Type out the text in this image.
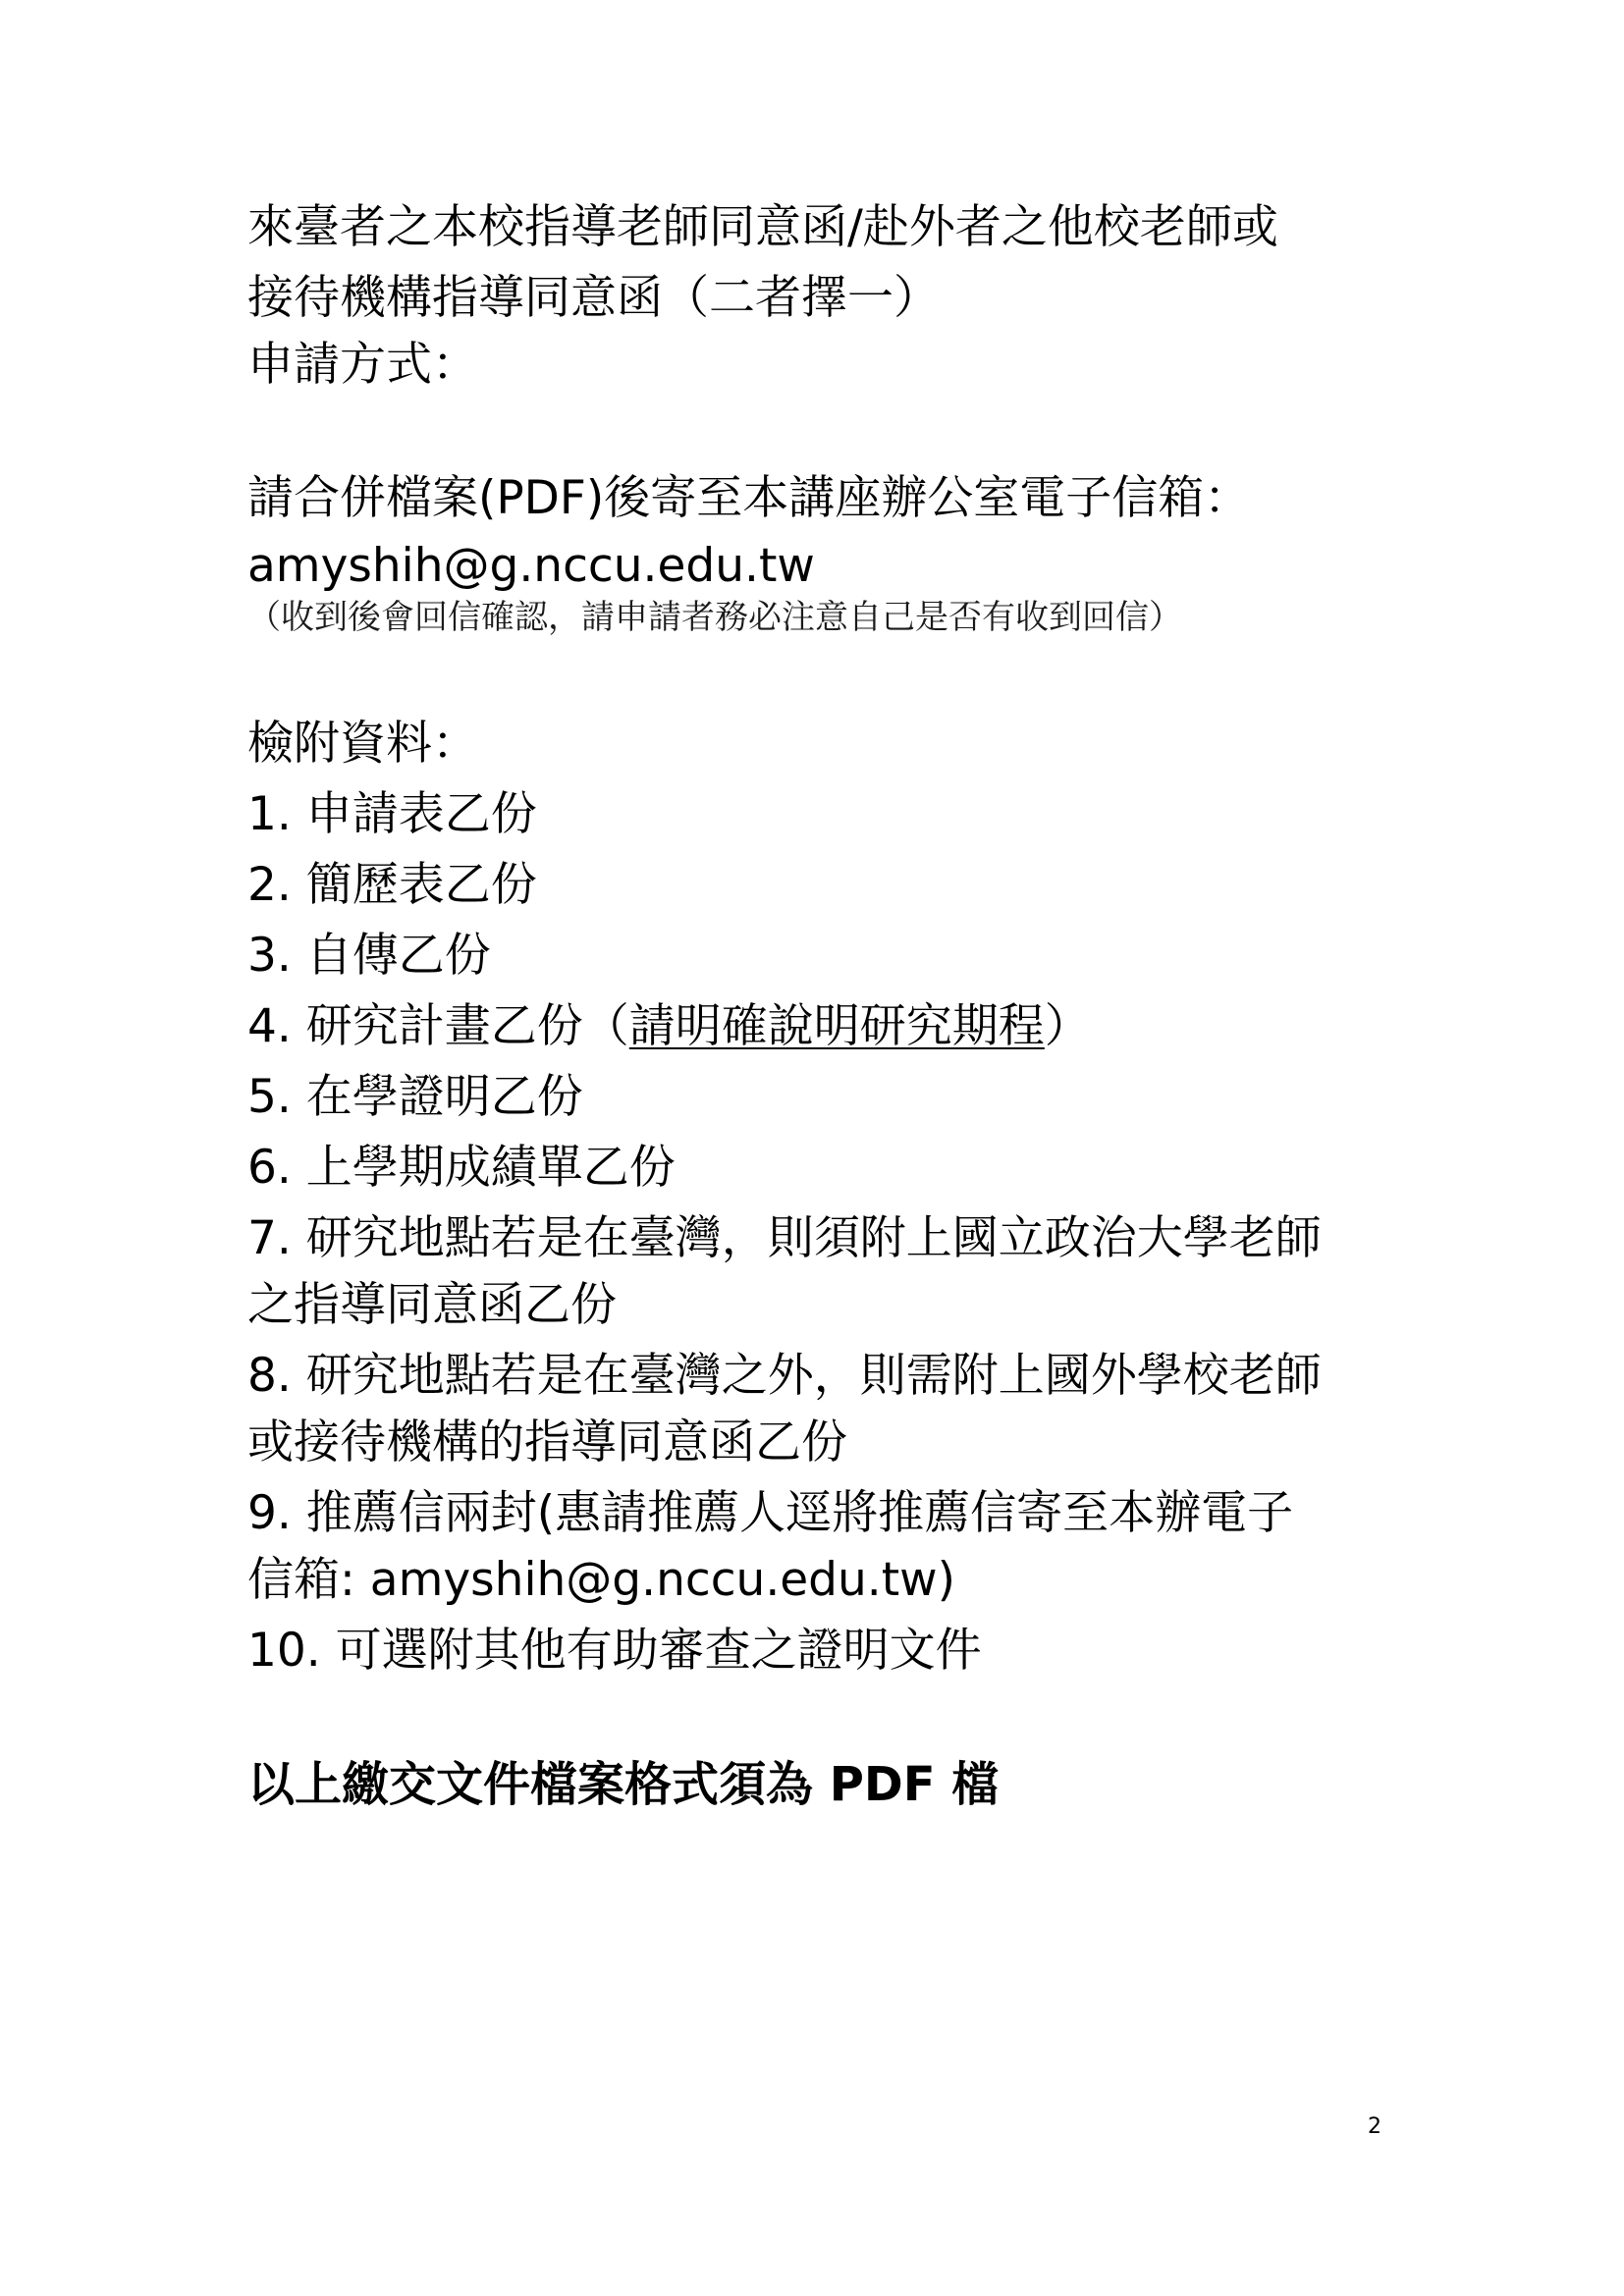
來臺者之本校指導老師同意函/赴外者之他校老師或
接待機構指導同意函（二者擇一）
申請方式：
請合併檔案(PDF)後寄至本講座辦公室電子信箱：
amyshih@g.nccu.edu.tw
（收到後會回信確認，請申請者務必注意自己是否有收到回信）
檢附資料：
1. 申請表乙份
2. 簡歷表乙份
3. 自傳乙份
4. 研究計畫乙份（請明確說明研究期程）
5. 在學證明乙份
6. 上學期成績單乙份
7. 研究地點若是在臺灣，則須附上國立政治大學老師
之指導同意函乙份
8. 研究地點若是在臺灣之外，則需附上國外學校老師
或接待機構的指導同意函乙份
9. 推薦信兩封(惠請推薦人逕將推薦信寄至本辦電子
信箱: amyshih@g.nccu.edu.tw)
10. 可選附其他有助審查之證明文件
以上繳交文件檔案格式須為 PDF 檔
2
